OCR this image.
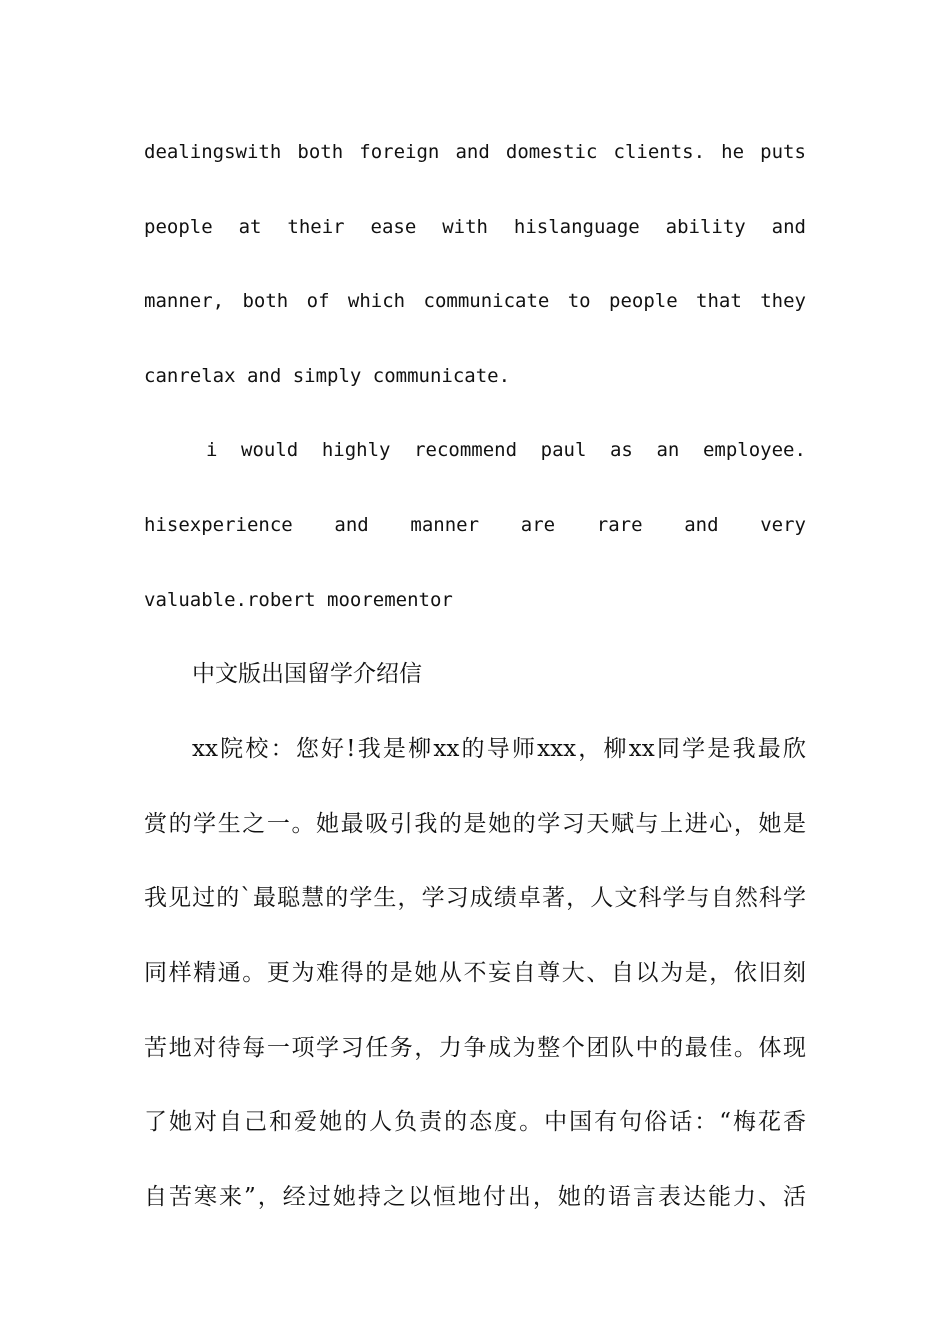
dealingswith both foreign and domestic clients. he puts
people at their ease with hislanguage ability and
manner, both of which communicate to people that they
canrelax and simply communicate.
i would highly recommend paul as an employee.
hisexperience and manner are rare and very
valuable.robert moorementor
中文版出国留学介绍信
xx院校：您好!我是柳xx的导师xxx，柳xx同学是我最欣
赏的学生之一。她最吸引我的是她的学习天赋与上进心，她是
我见过的`最聪慧的学生，学习成绩卓著，人文科学与自然科学
同样精通。更为难得的是她从不妄自尊大、自以为是，依旧刻
苦地对待每一项学习任务，力争成为整个团队中的最佳。体现
了她对自己和爱她的人负责的态度。中国有句俗话：“梅花香
自苦寒来”，经过她持之以恒地付出，她的语言表达能力、活
